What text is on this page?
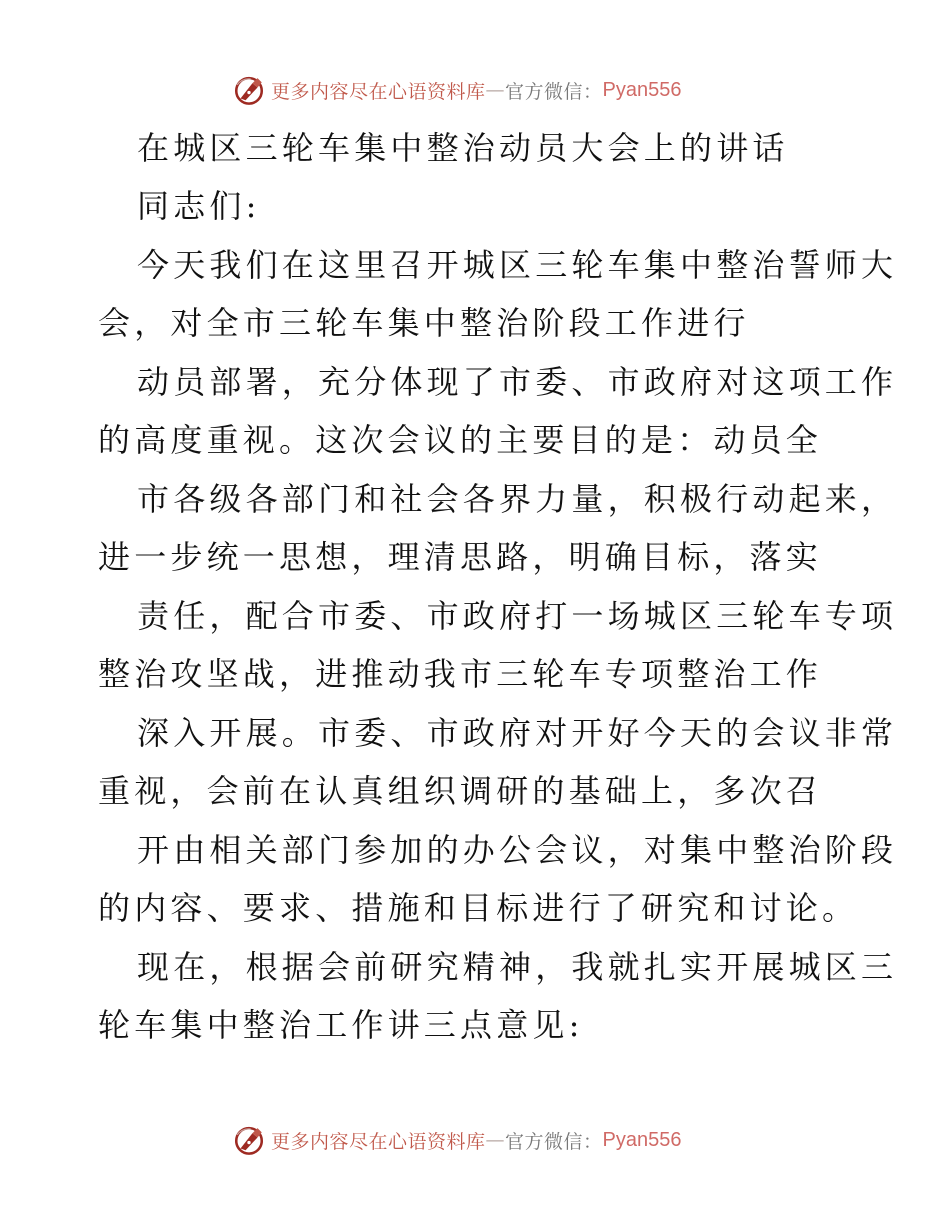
更多内容尽在心语资料库 — 官方微信： Pyan556
在城区三轮车集中整治动员大会上的讲话
同志们:
今天我们在这里召开城区三轮车集中整治誓师大
会，对全市三轮车集中整治阶段工作进行
动员部署，充分体现了市委、市政府对这项工作
的高度重视。这次会议的主要目的是：动员全
市各级各部门和社会各界力量，积极行动起来，
进一步统一思想，理清思路，明确目标，落实
责任，配合市委、市政府打一场城区三轮车专项
整治攻坚战，进推动我市三轮车专项整治工作
深入开展。市委、市政府对开好今天的会议非常
重视，会前在认真组织调研的基础上，多次召
开由相关部门参加的办公会议，对集中整治阶段
的内容、要求、措施和目标进行了研究和讨论。
现在，根据会前研究精神，我就扎实开展城区三
轮车集中整治工作讲三点意见:
更多内容尽在心语资料库 — 官方微信： Pyan556
